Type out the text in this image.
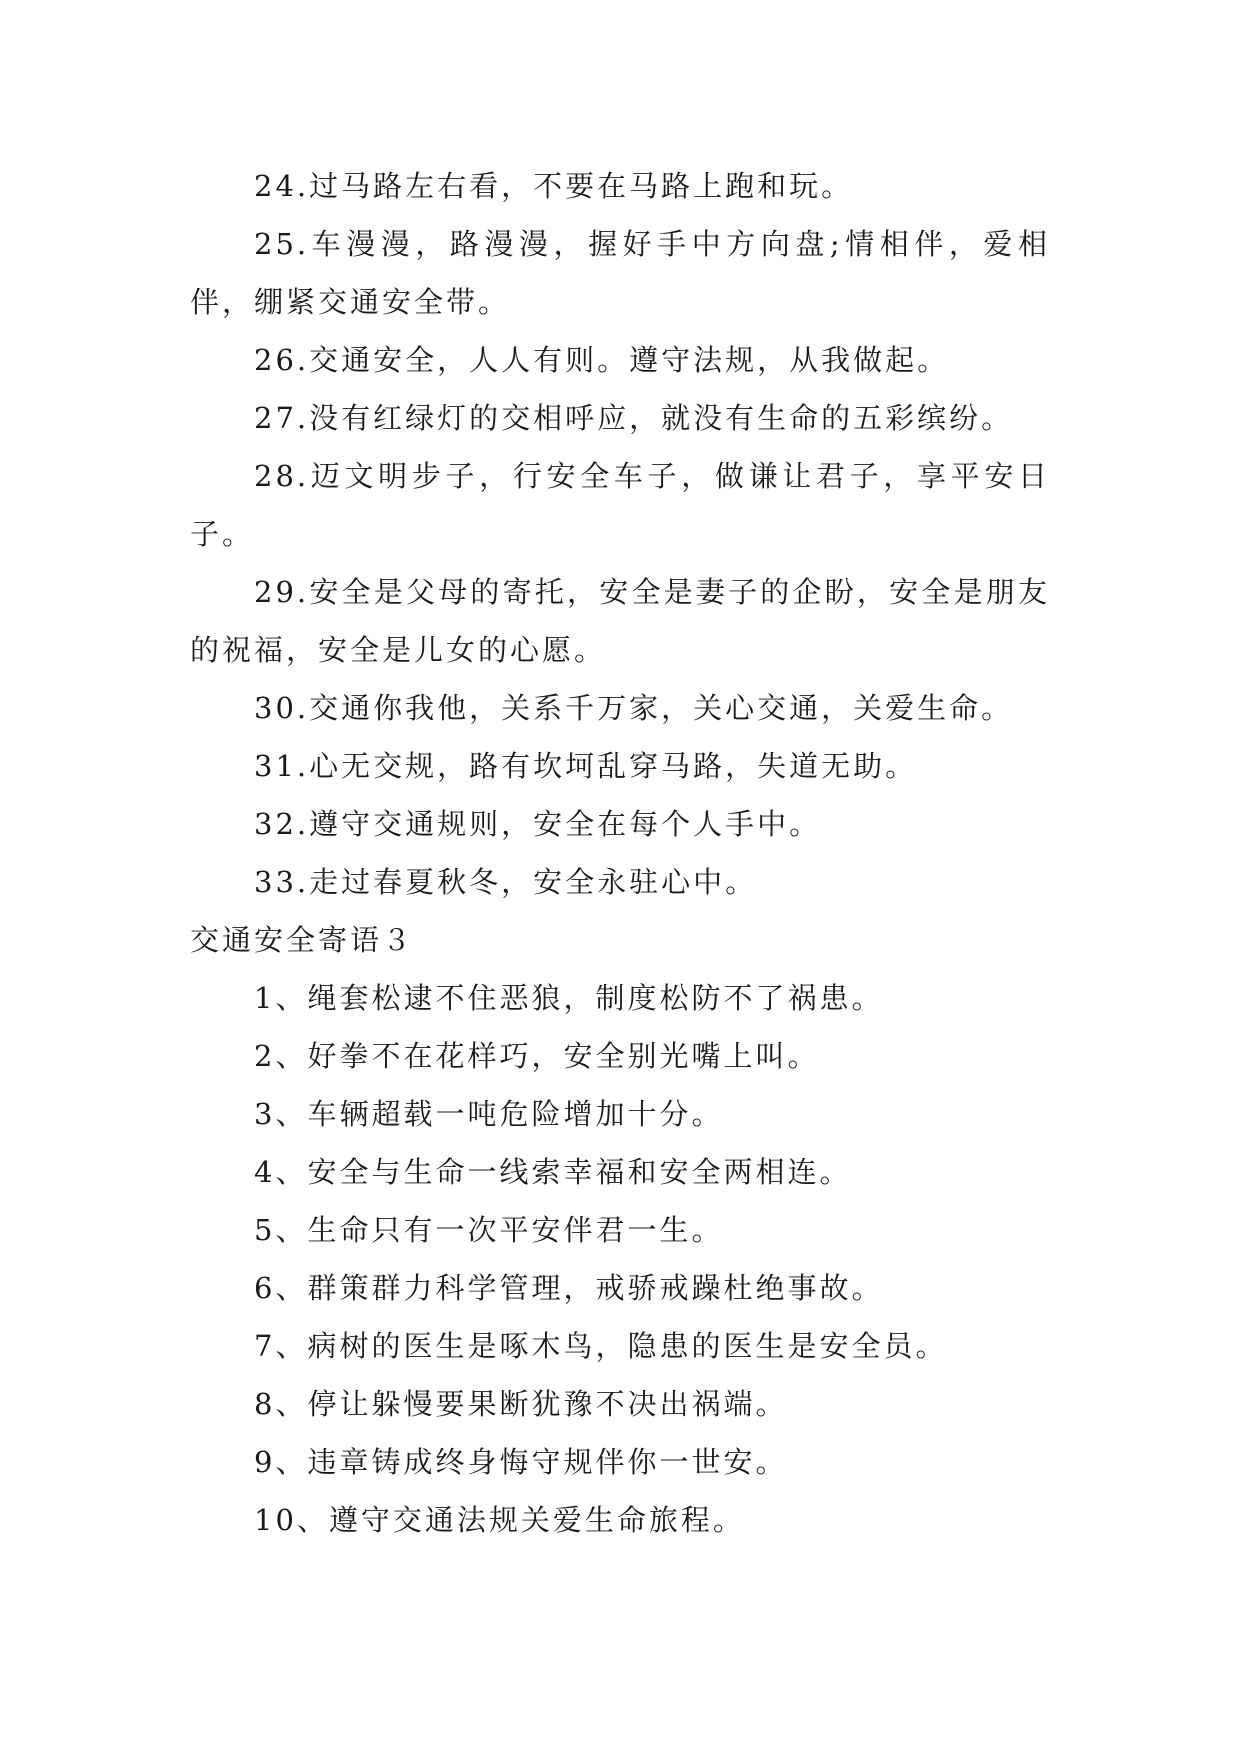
24.过马路左右看，不要在马路上跑和玩。

25.车漫漫，路漫漫，握好手中方向盘;情相伴，爱相伴，绷紧交通安全带。

26.交通安全，人人有则。遵守法规，从我做起。

27.没有红绿灯的交相呼应，就没有生命的五彩缤纷。

28.迈文明步子，行安全车子，做谦让君子，享平安日子。

29.安全是父母的寄托，安全是妻子的企盼，安全是朋友的祝福，安全是儿女的心愿。

30.交通你我他，关系千万家，关心交通，关爱生命。

31.心无交规，路有坎坷乱穿马路，失道无助。

32.遵守交通规则，安全在每个人手中。

33.走过春夏秋冬，安全永驻心中。

交通安全寄语３

1、绳套松逮不住恶狼，制度松防不了祸患。

2、好拳不在花样巧，安全别光嘴上叫。

3、车辆超载一吨危险增加十分。

4、安全与生命一线索幸福和安全两相连。

5、生命只有一次平安伴君一生。

6、群策群力科学管理，戒骄戒躁杜绝事故。

7、病树的医生是啄木鸟，隐患的医生是安全员。

8、停让躲慢要果断犹豫不决出祸端。

9、违章铸成终身悔守规伴你一世安。

10、遵守交通法规关爱生命旅程。
